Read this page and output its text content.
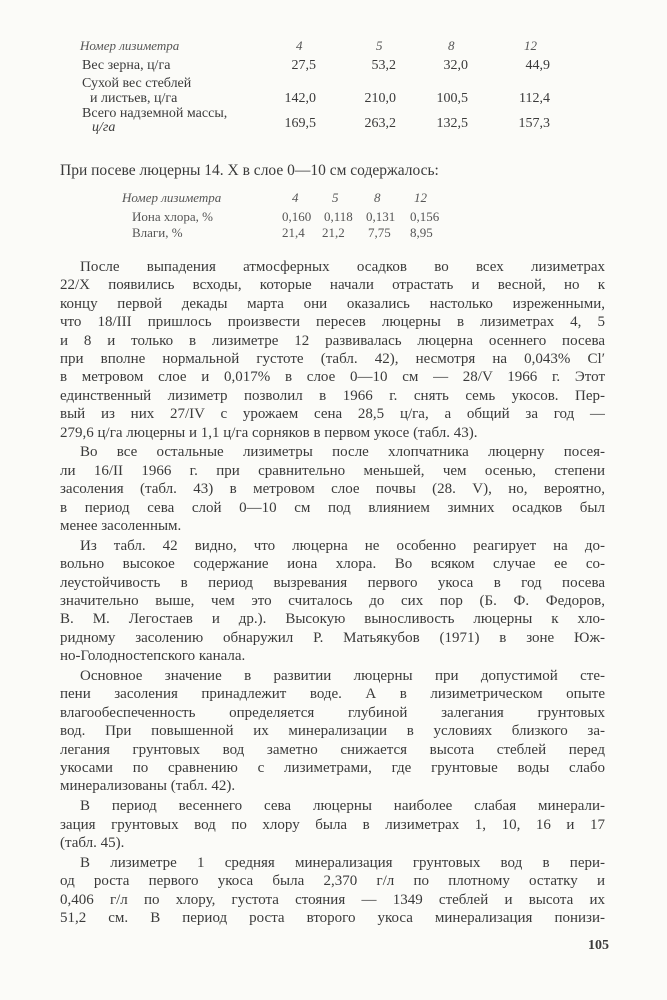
Номер лизиметра	4	5	8	12
Вес зерна, ц/га	27,5	53,2	32,0	44,9
Сухой вес стеблей
и листьев, ц/га	142,0	210,0	100,5	112,4
Всего надземной массы,
ц/га	169,5	263,2	132,5	157,3
При посеве люцерны 14. X в слое 0—10 см содержалось:
Номер лизиметра	4	5	8	12
Иона хлора, %	0,160 0,118 0,131 0,156
Влаги, %	21,4 21,2 7,75 8,95
После выпадения атмосферных осадков во всех лизиметрах
22/X появились всходы, которые начали отрастать и весной, но к
концу первой декады марта они оказались настолько изреженными,
что 18/III пришлось произвести пересев люцерны в лизиметрах 4, 5
и 8 и только в лизиметре 12 развивалась люцерна осеннего посева
при вполне нормальной густоте (табл. 42), несмотря на 0,043% Cl′
в метровом слое и 0,017% в слое 0—10 см — 28/V 1966 г. Этот
единственный лизиметр позволил в 1966 г. снять семь укосов. Пер-
вый из них 27/IV с урожаем сена 28,5 ц/га, а общий за год —
279,6 ц/га люцерны и 1,1 ц/га сорняков в первом укосе (табл. 43).
Во все остальные лизиметры после хлопчатника люцерну посея-
ли 16/II 1966 г. при сравнительно меньшей, чем осенью, степени
засоления (табл. 43) в метровом слое почвы (28. V), но, вероятно,
в период сева слой 0—10 см под влиянием зимних осадков был
менее засоленным.
Из табл. 42 видно, что люцерна не особенно реагирует на до-
вольно высокое содержание иона хлора. Во всяком случае ее со-
леустойчивость в период вызревания первого укоса в год посева
значительно выше, чем это считалось до сих пор (Б. Ф. Федоров,
В. М. Легостаев и др.). Высокую выносливость люцерны к хло-
ридному засолению обнаружил Р. Матьякубов (1971) в зоне Юж-
но-Голодностепского канала.
Основное значение в развитии люцерны при допустимой сте-
пени засоления принадлежит воде. А в лизиметрическом опыте
влагообеспеченность определяется глубиной залегания грунтовых
вод. При повышенной их минерализации в условиях близкого за-
легания грунтовых вод заметно снижается высота стеблей перед
укосами по сравнению с лизиметрами, где грунтовые воды слабо
минерализованы (табл. 42).
В период весеннего сева люцерны наиболее слабая минерали-
зация грунтовых вод по хлору была в лизиметрах 1, 10, 16 и 17
(табл. 45).
В лизиметре 1 средняя минерализация грунтовых вод в пери-
од роста первого укоса была 2,370 г/л по плотному остатку и
0,406 г/л по хлору, густота стояния — 1349 стеблей и высота их
51,2 см. В период роста второго укоса минерализация понизи-
105
